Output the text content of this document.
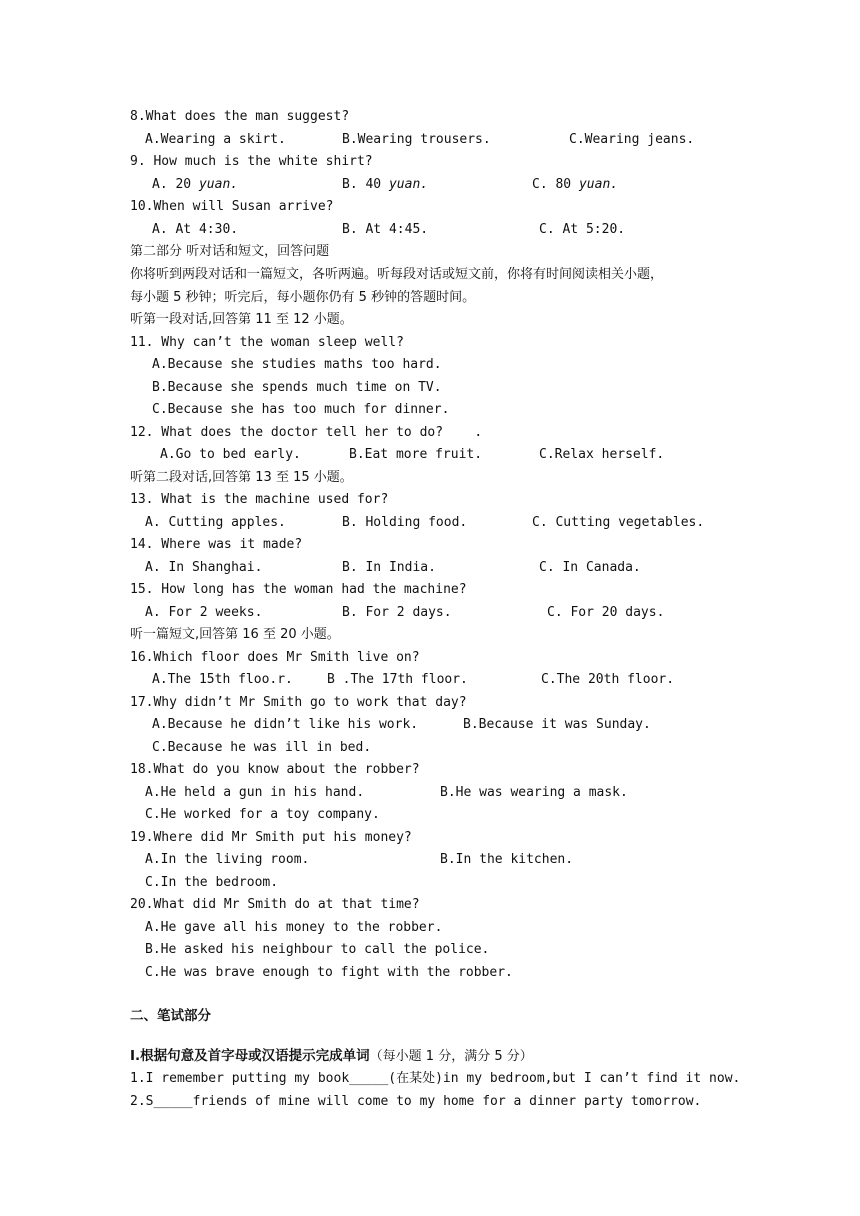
8.What does the man suggest?
A.Wearing a skirt.	B.Wearing trousers.	C.Wearing jeans.
9. How much is the white shirt?
A. 20 yuan.	B. 40 yuan.	C. 80 yuan.
10.When will Susan arrive?
A. At 4:30.	B. At 4:45.	C. At 5:20.
第二部分 听对话和短文，回答问题
你将听到两段对话和一篇短文，各听两遍。听每段对话或短文前，你将有时间阅读相关小题，
每小题 5 秒钟；听完后，每小题你仍有 5 秒钟的答题时间。
听第一段对话,回答第 11 至 12 小题。
11. Why can’t the woman sleep well?
A.Because she studies maths too hard.
B.Because she spends much time on TV.
C.Because she has too much for dinner.
12. What does the doctor tell her to do?    .
A.Go to bed early.	B.Eat more fruit.	C.Relax herself.
听第二段对话,回答第 13 至 15 小题。
13. What is the machine used for?
A. Cutting apples.	B. Holding food.	C. Cutting vegetables.
14. Where was it made?
A. In Shanghai.	B. In India.	C. In Canada.
15. How long has the woman had the machine?
A. For 2 weeks.	B. For 2 days.	C. For 20 days.
听一篇短文,回答第 16 至 20 小题。
16.Which floor does Mr Smith live on?
A.The 15th floo.r.	B .The 17th floor.	C.The 20th floor.
17.Why didn’t Mr Smith go to work that day?
A.Because he didn’t like his work.	B.Because it was Sunday.
C.Because he was ill in bed.
18.What do you know about the robber?
A.He held a gun in his hand.	B.He was wearing a mask.
C.He worked for a toy company.
19.Where did Mr Smith put his money?
A.In the living room.	B.In the kitchen.
C.In the bedroom.
20.What did Mr Smith do at that time?
A.He gave all his money to the robber.
B.He asked his neighbour to call the police.
C.He was brave enough to fight with the robber.
二、笔试部分
Ⅰ.根据句意及首字母或汉语提示完成单词（每小题 1 分，满分 5 分）
1.I remember putting my book_____(在某处)in my bedroom,but I can’t find it now.
2.S_____friends of mine will come to my home for a dinner party tomorrow.
